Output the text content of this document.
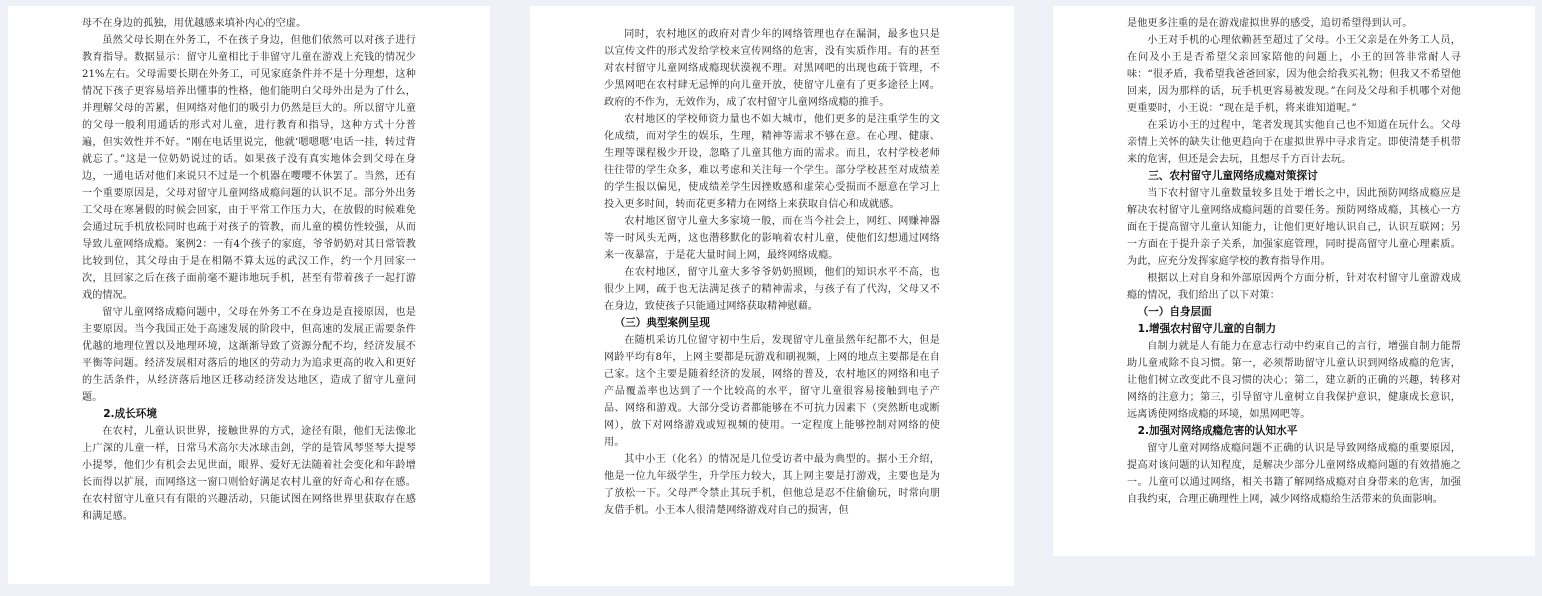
母不在身边的孤独，用优越感来填补内心的空虚。

虽然父母长期在外务工，不在孩子身边，但他们依然可以对孩子进行教育指导。数据显示：留守儿童相比于非留守儿童在游戏上充钱的情况少21%左右。父母需要长期在外务工，可见家庭条件并不是十分理想，这种情况下孩子更容易培养出懂事的性格，他们能明白父母外出是为了什么，并理解父母的苦累，但网络对他们的吸引力仍然是巨大的。所以留守儿童的父母一般利用通话的形式对儿童，进行教育和指导，这种方式十分普遍，但实效性并不好。“刚在电话里说完，他就‘嗯嗯嗯’电话一挂，转过背就忘了。”这是一位奶奶说过的话。如果孩子没有真实地体会到父母在身边，一通电话对他们来说只不过是一个机器在嘤嘤不休罢了。当然，还有一个重要原因是，父母对留守儿童网络成瘾问题的认识不足。部分外出务工父母在寒暑假的时候会回家，由于平常工作压力大，在放假的时候难免会通过玩手机放松同时也疏于对孩子的管教，而儿童的模仿性较强，从而导致儿童网络成瘾。案例2：一有4个孩子的家庭，爷爷奶奶对其日常管教比较到位，其父母由于是在相隔不算太远的武汉工作，约一个月回家一次，且回家之后在孩子面前毫不避讳地玩手机，甚至有带着孩子一起打游戏的情况。

留守儿童网络成瘾问题中，父母在外务工不在身边是直接原因，也是主要原因。当今我国正处于高速发展的阶段中，但高速的发展正需要条件优越的地理位置以及地理环境，这渐渐导致了资源分配不均，经济发展不平衡等问题。经济发展相对落后的地区的劳动力为追求更高的收入和更好的生活条件，从经济落后地区迁移动经济发达地区，造成了留守儿童问题。

2.成长环境

在农村，儿童认识世界，接触世界的方式，途径有限，他们无法像北上广深的儿童一样，日常马术高尔夫冰球击剑，学的是管风琴竖琴大提琴小提琴，他们少有机会去见世面，眼界、爱好无法随着社会变化和年龄增长而得以扩展，而网络这一窗口则恰好满足农村儿童的好奇心和存在感。在农村留守儿童只有有限的兴趣活动，只能试图在网络世界里获取存在感和满足感。

同时，农村地区的政府对青少年的网络管理也存在漏洞，最多也只是以宣传文件的形式发给学校来宣传网络的危害，没有实质作用。有的甚至对农村留守儿童网络成瘾现状漠视不理。对黑网吧的出现也疏于管理，不少黑网吧在农村肆无忌惮的向儿童开放，使留守儿童有了更多途径上网。政府的不作为，无效作为，成了农村留守儿童网络成瘾的推手。

农村地区的学校师资力量也不如大城市，他们更多的是注重学生的文化成绩，而对学生的娱乐，生理，精神等需求不够在意。在心理、健康、生理等课程极少开设，忽略了儿童其他方面的需求。而且，农村学校老师往往带的学生众多，难以考虑和关注每一个学生。部分学校甚至对成绩差的学生报以偏见，使成绩差学生因挫败感和虚荣心受损而不愿意在学习上投入更多时间，转而花更多精力在网络上来获取自信心和成就感。

农村地区留守儿童大多家境一般，而在当今社会上，网红、网赚神器等一时风头无两，这也潜移默化的影响着农村儿童，使他们幻想通过网络来一夜暴富，于是花大量时间上网，最终网络成瘾。

在农村地区，留守儿童大多爷爷奶奶照顾，他们的知识水平不高，也很少上网，疏于也无法满足孩子的精神需求，与孩子有了代沟，父母又不在身边，致使孩子只能通过网络获取精神慰藉。

（三）典型案例呈现

在随机采访几位留守初中生后，发现留守儿童虽然年纪都不大，但是网龄平均有8年，上网主要都是玩游戏和刷视频，上网的地点主要都是在自己家。这个主要是随着经济的发展，网络的普及，农村地区的网络和电子产品覆盖率也达到了一个比较高的水平，留守儿童很容易接触到电子产品、网络和游戏。大部分受访者都能够在不可抗力因素下（突然断电或断网），放下对网络游戏或短视频的使用。一定程度上能够控制对网络的使用。

其中小王（化名）的情况是几位受访者中最为典型的。据小王介绍，他是一位九年级学生，升学压力较大，其上网主要是打游戏，主要也是为了放松一下。父母严令禁止其玩手机，但他总是忍不住偷偷玩，时常向朋友借手机。小王本人很清楚网络游戏对自己的损害，但

是他更多注重的是在游戏虚拟世界的感受，追切希望得到认可。

小王对手机的心理依赖甚至超过了父母。小王父亲是在外务工人员，在问及小王是否希望父亲回家陪他的问题上，小王的回答非常耐人寻味：“很矛盾，我希望我爸爸回家，因为他会给我买礼物；但我又不希望他回来，因为那样的话，玩手机更容易被发现。”在问及父母和手机哪个对他更重要时，小王说：“现在是手机，将来谁知道呢。”

在采访小王的过程中，笔者发现其实他自己也不知道在玩什么。父母亲情上关怀的缺失让他更趋向于在虚拟世界中寻求肯定。即使清楚手机带来的危害，但还是会去玩，且想尽千方百计去玩。

三、农村留守儿童网络成瘾对策探讨

当下农村留守儿童数量较多且处于增长之中，因此预防网络成瘾应是解决农村留守儿童网络成瘾问题的首要任务。预防网络成瘾，其核心一方面在于提高留守儿童认知能力，让他们更好地认识自己，认识互联网；另一方面在于提升亲子关系，加强家庭管理，同时提高留守儿童心理素质。为此，应充分发挥家庭学校的教育指导作用。

根据以上对自身和外部原因两个方面分析，针对农村留守儿童游戏成瘾的情况，我们给出了以下对策：

（一）自身层面
1.增强农村留守儿童的自制力

自制力就是人有能力在意志行动中约束自己的言行，增强自制力能帮助儿童戒除不良习惯。第一，必须帮助留守儿童认识到网络成瘾的危害，让他们树立改变此不良习惯的决心；第二，建立新的正确的兴趣，转移对网络的注意力；第三，引导留守儿童树立自我保护意识，健康成长意识，远离诱使网络成瘾的环境，如黑网吧等。

2.加强对网络成瘾危害的认知水平

留守儿童对网络成瘾问题不正确的认识是导致网络成瘾的重要原因，提高对该问题的认知程度，是解决少部分儿童网络成瘾问题的有效措施之一。儿童可以通过网络，相关书籍了解网络成瘾对自身带来的危害，加强自我约束，合理正确理性上网，减少网络成瘾给生活带来的负面影响。
